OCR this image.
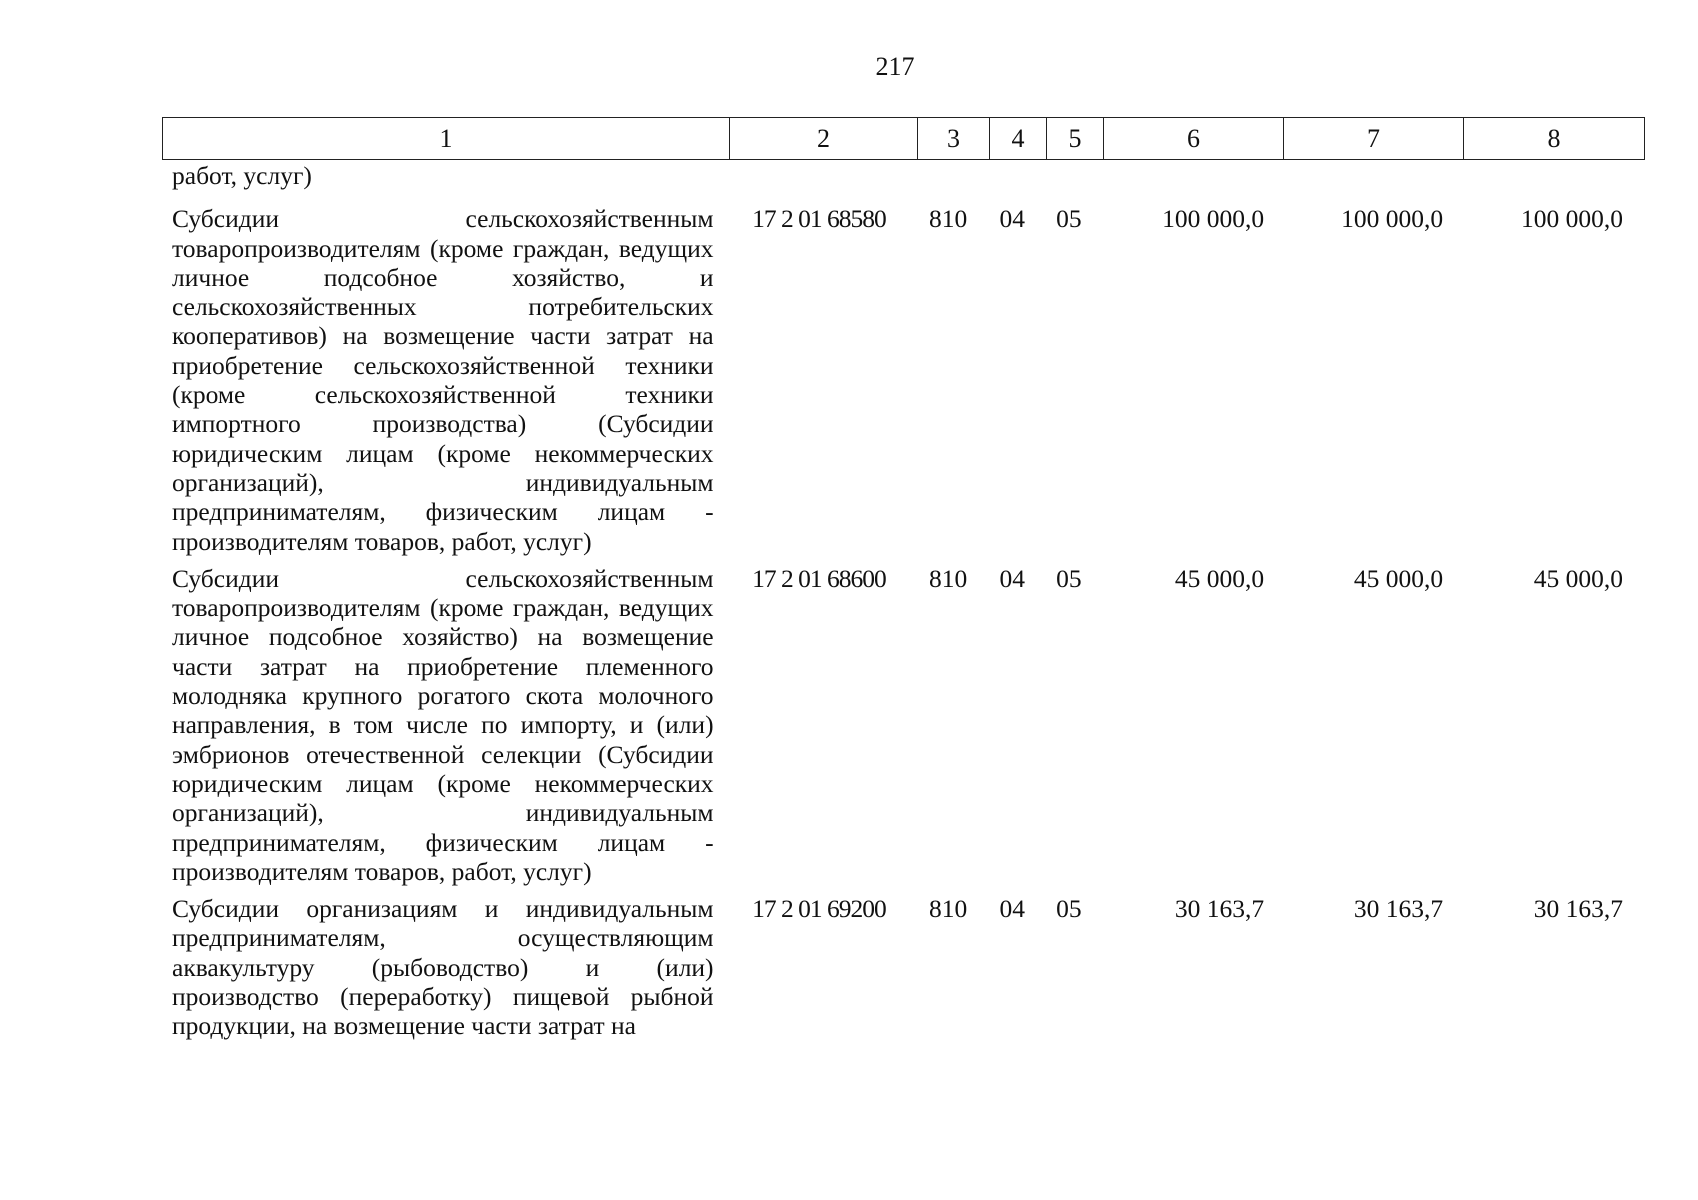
217
1	2	3	4	5	6	7	8
работ, услуг)
Субсидии сельскохозяйственным товаропроизводителям (кроме граждан, ведущих личное подсобное хозяйство, и сельскохозяйственных потребительских кооперативов) на возмещение части затрат на приобретение сельскохозяйственной техники (кроме сельскохозяйственной техники импортного производства) (Субсидии юридическим лицам (кроме некоммерческих организаций), индивидуальным предпринимателям, физическим лицам - производителям товаров, работ, услуг)
17 2 01 68580	810	04	05	100 000,0	100 000,0	100 000,0
Субсидии сельскохозяйственным товаропроизводителям (кроме граждан, ведущих личное подсобное хозяйство) на возмещение части затрат на приобретение племенного молодняка крупного рогатого скота молочного направления, в том числе по импорту, и (или) эмбрионов отечественной селекции (Субсидии юридическим лицам (кроме некоммерческих организаций), индивидуальным предпринимателям, физическим лицам - производителям товаров, работ, услуг)
17 2 01 68600	810	04	05	45 000,0	45 000,0	45 000,0
Субсидии организациям и индивидуальным предпринимателям, осуществляющим аквакультуру (рыбоводство) и (или) производство (переработку) пищевой рыбной продукции, на возмещение части затрат на
17 2 01 69200	810	04	05	30 163,7	30 163,7	30 163,7
